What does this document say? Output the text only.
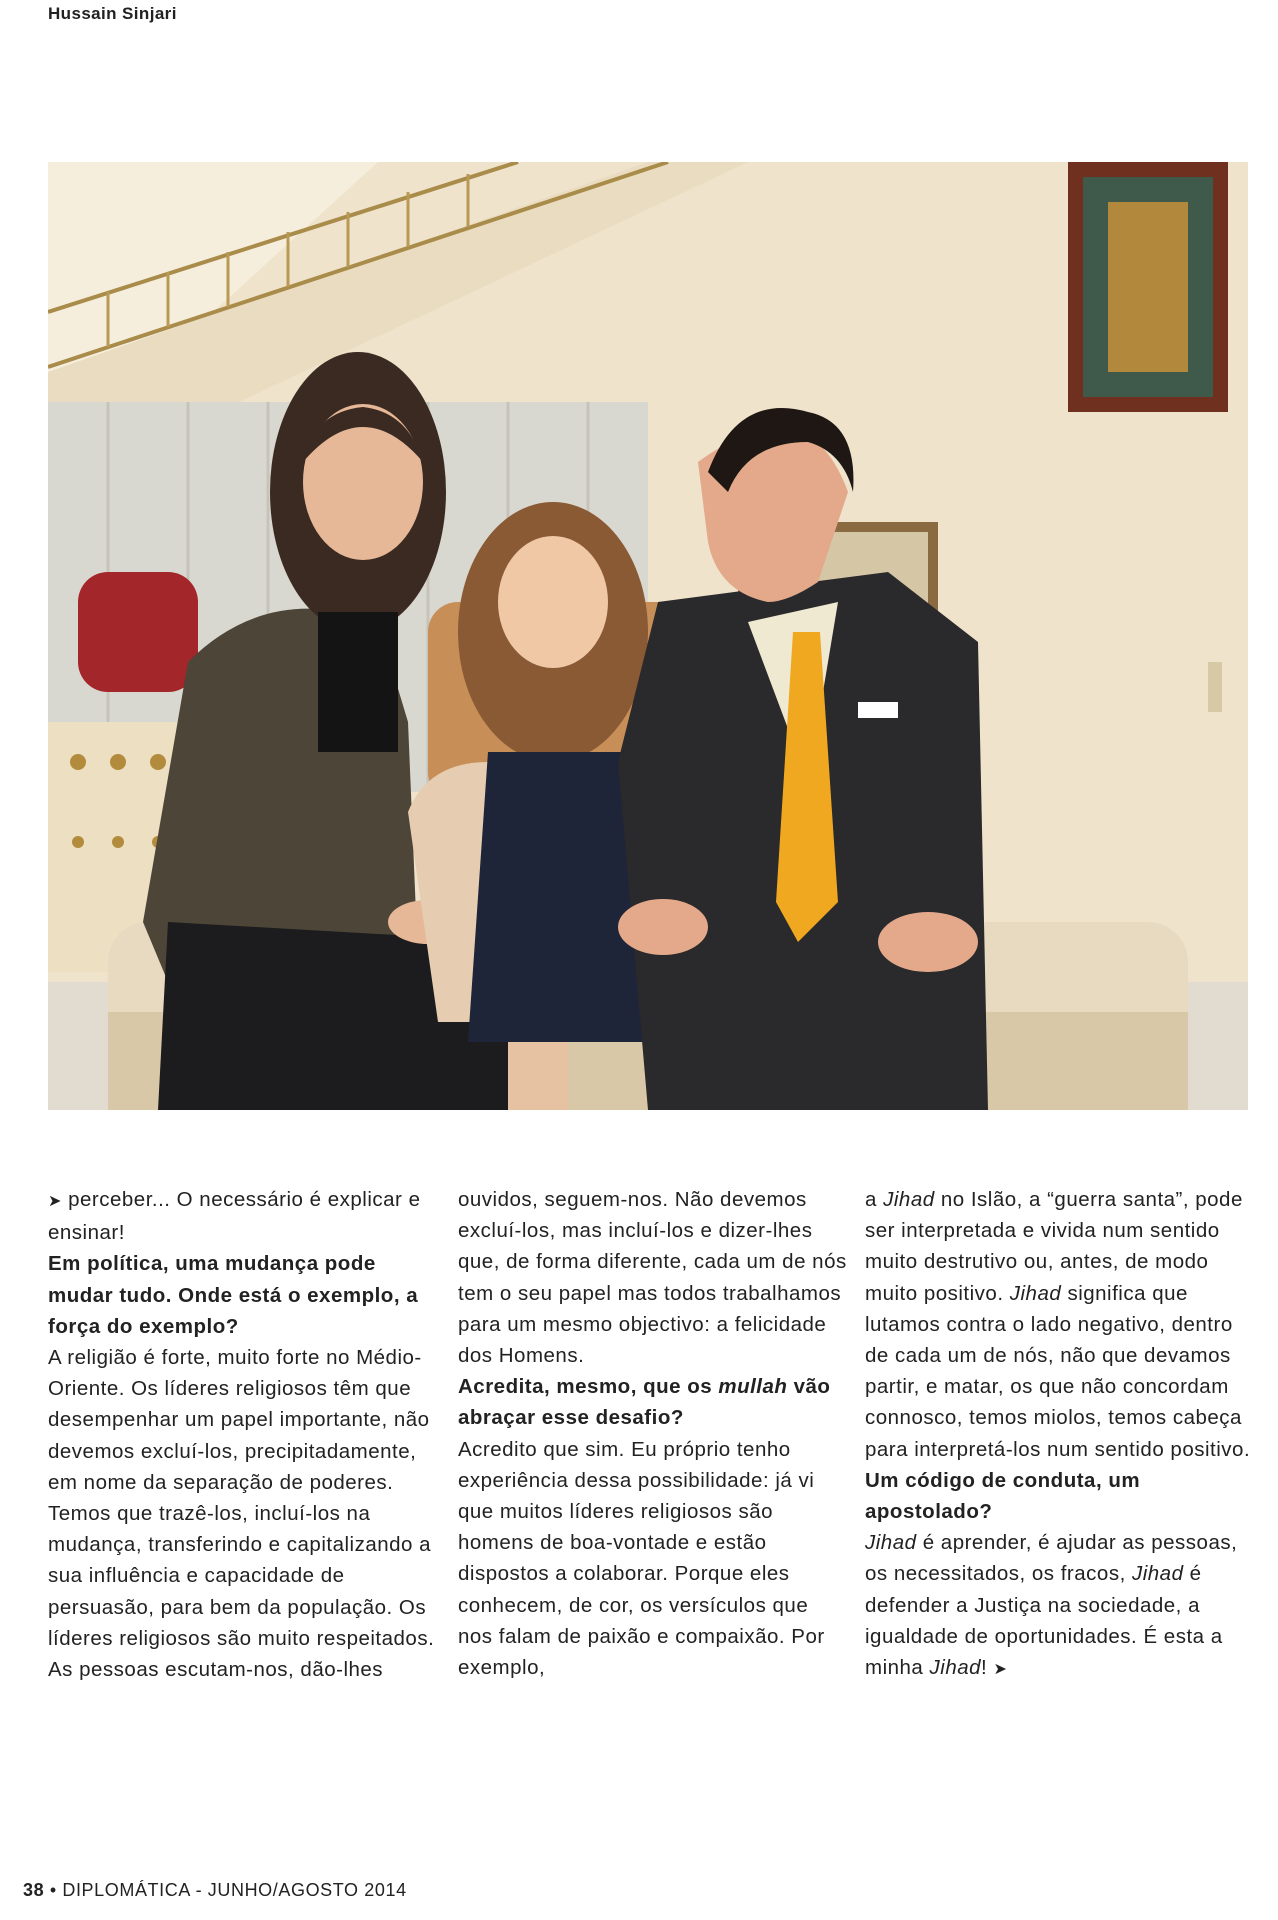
Hussain Sinjari

➤ perceber... O necessário é explicar e ensinar!

Em política, uma mudança pode mudar tudo. Onde está o exemplo, a força do exemplo?

A religião é forte, muito forte no Médio-Oriente. Os líderes religiosos têm que desempenhar um papel importante, não devemos excluí-los, precipitadamente, em nome da separação de poderes. Temos que trazê-los, incluí-los na mudança, transferindo e capitalizando a sua influência e capacidade de persuasão, para bem da população. Os líderes religiosos são muito respeitados. As pessoas escutam-nos, dão-lhes

ouvidos, seguem-nos. Não devemos excluí-los, mas incluí-los e dizer-lhes que, de forma diferente, cada um de nós tem o seu papel mas todos trabalhamos para um mesmo objectivo: a felicidade dos Homens.

Acredita, mesmo, que os mullah vão abraçar esse desafio?

Acredito que sim. Eu próprio tenho experiência dessa possibilidade: já vi que muitos líderes religiosos são homens de boa-vontade e estão dispostos a colaborar. Porque eles conhecem, de cor, os versículos que nos falam de paixão e compaixão. Por exemplo,

a Jihad no Islão, a “guerra santa”, pode ser interpretada e vivida num sentido muito destrutivo ou, antes, de modo muito positivo. Jihad significa que lutamos contra o lado negativo, dentro de cada um de nós, não que devamos partir, e matar, os que não concordam connosco, temos miolos, temos cabeça para interpretá-los num sentido positivo.

Um código de conduta, um apostolado?

Jihad é aprender, é ajudar as pessoas, os necessitados, os fracos, Jihad é defender a Justiça na sociedade, a igualdade de oportunidades. É esta a minha Jihad! ➤

38 • DIPLOMÁTICA - JUNHO/AGOSTO 2014
